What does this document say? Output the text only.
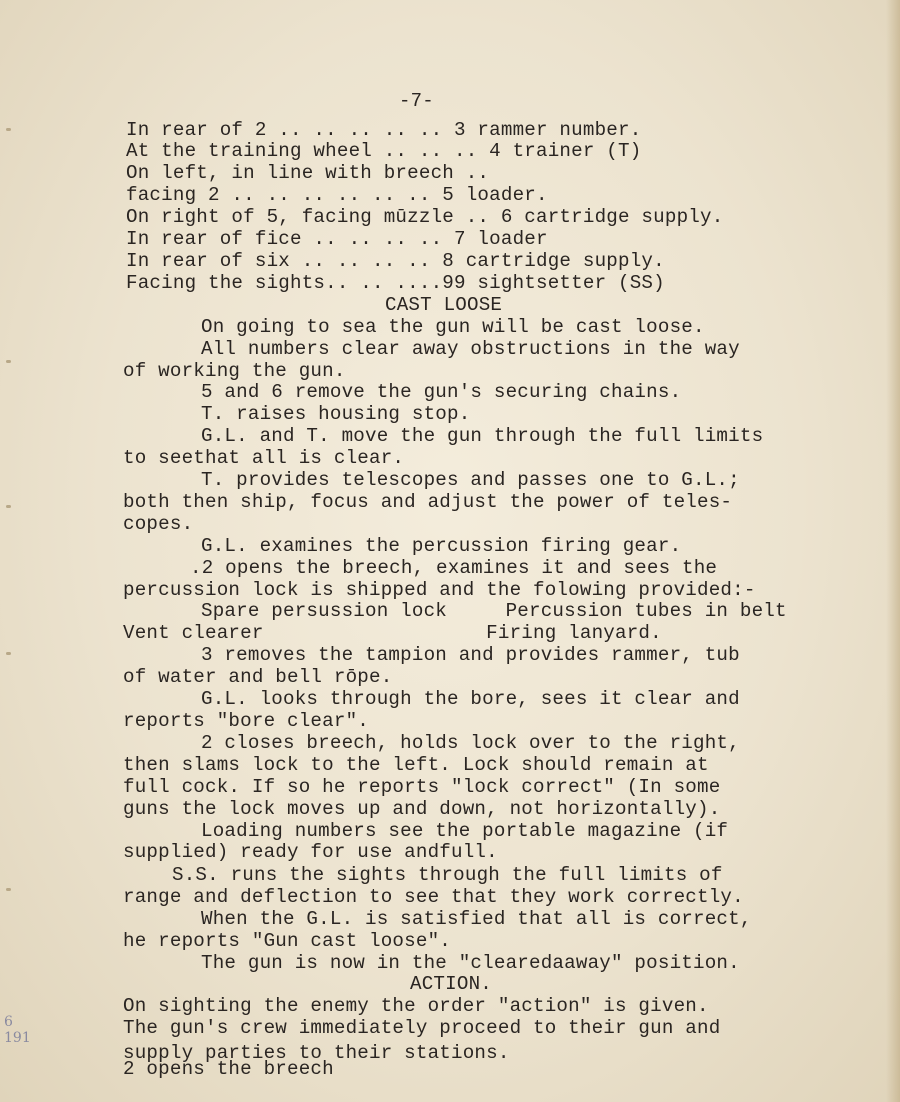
-7-
In rear of 2 .. .. .. .. .. 3 rammer number.
At the training wheel .. .. .. 4 trainer (T)
On left, in line with breech ..
facing 2 .. .. .. .. .. .. 5 loader.
On right of 5, facing mūzzle .. 6 cartridge supply.
In rear of fice .. .. .. .. 7 loader
In rear of six .. .. .. .. 8 cartridge supply.
Facing the sights.. .. ....99 sightsetter (SS)
CAST LOOSE
On going to sea the gun will be cast loose.
All numbers clear away obstructions in the way
of working the gun.
5 and 6 remove the gun's securing chains.
T. raises housing stop.
G.L. and T. move the gun through the full limits
to seethat all is clear.
T. provides telescopes and passes one to G.L.;
both then ship, focus and adjust the power of teles-
copes.
G.L. examines the percussion firing gear.
.2 opens the breech, examines it and sees the
percussion lock is shipped and the folowing provided:-
Spare persussion lock     Percussion tubes in belt
Vent clearer                   Firing lanyard.
3 removes the tampion and provides rammer, tub
of water and bell rōpe.
G.L. looks through the bore, sees it clear and
reports "bore clear".
2 closes breech, holds lock over to the right,
then slams lock to the left. Lock should remain at
full cock. If so he reports "lock correct" (In some
guns the lock moves up and down, not horizontally).
Loading numbers see the portable magazine (if
supplied) ready for use andfull.
S.S. runs the sights through the full limits of
range and deflection to see that they work correctly.
When the G.L. is satisfied that all is correct,
he reports "Gun cast loose".
The gun is now in the "clearedaaway" position.
ACTION.
On sighting the enemy the order "action" is given.
The gun's crew immediately proceed to their gun and
supply parties to their stations.
2 opens the breech
6
191
